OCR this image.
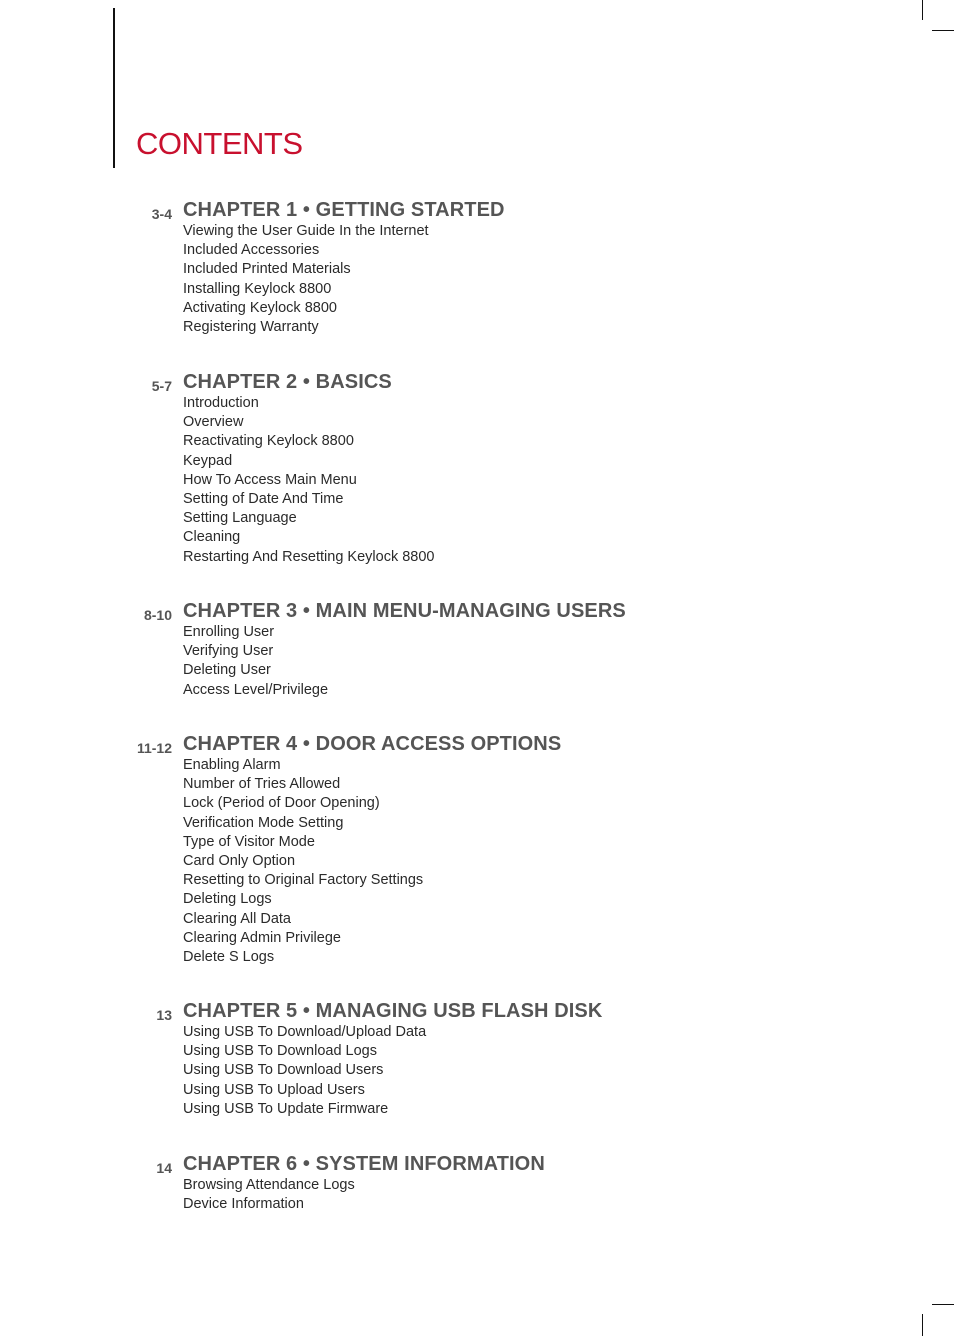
CONTENTS
3-4 CHAPTER 1 • GETTING STARTED
Viewing the User Guide In the Internet
Included Accessories
Included Printed Materials
Installing Keylock 8800
Activating Keylock 8800
Registering Warranty
5-7 CHAPTER 2 • BASICS
Introduction
Overview
Reactivating Keylock 8800
Keypad
How To Access Main Menu
Setting of Date And Time
Setting Language
Cleaning
Restarting And Resetting Keylock 8800
8-10 CHAPTER 3 • MAIN MENU-MANAGING USERS
Enrolling User
Verifying User
Deleting User
Access Level/Privilege
11-12 CHAPTER 4 • DOOR ACCESS OPTIONS
Enabling Alarm
Number of Tries Allowed
Lock (Period of Door Opening)
Verification Mode Setting
Type of Visitor Mode
Card Only Option
Resetting to Original Factory Settings
Deleting Logs
Clearing All Data
Clearing Admin Privilege
Delete S Logs
13 CHAPTER 5 • MANAGING USB FLASH DISK
Using USB To Download/Upload Data
Using USB To Download Logs
Using USB To Download Users
Using USB To Upload Users
Using USB To Update Firmware
14 CHAPTER 6 • SYSTEM INFORMATION
Browsing Attendance Logs
Device Information
